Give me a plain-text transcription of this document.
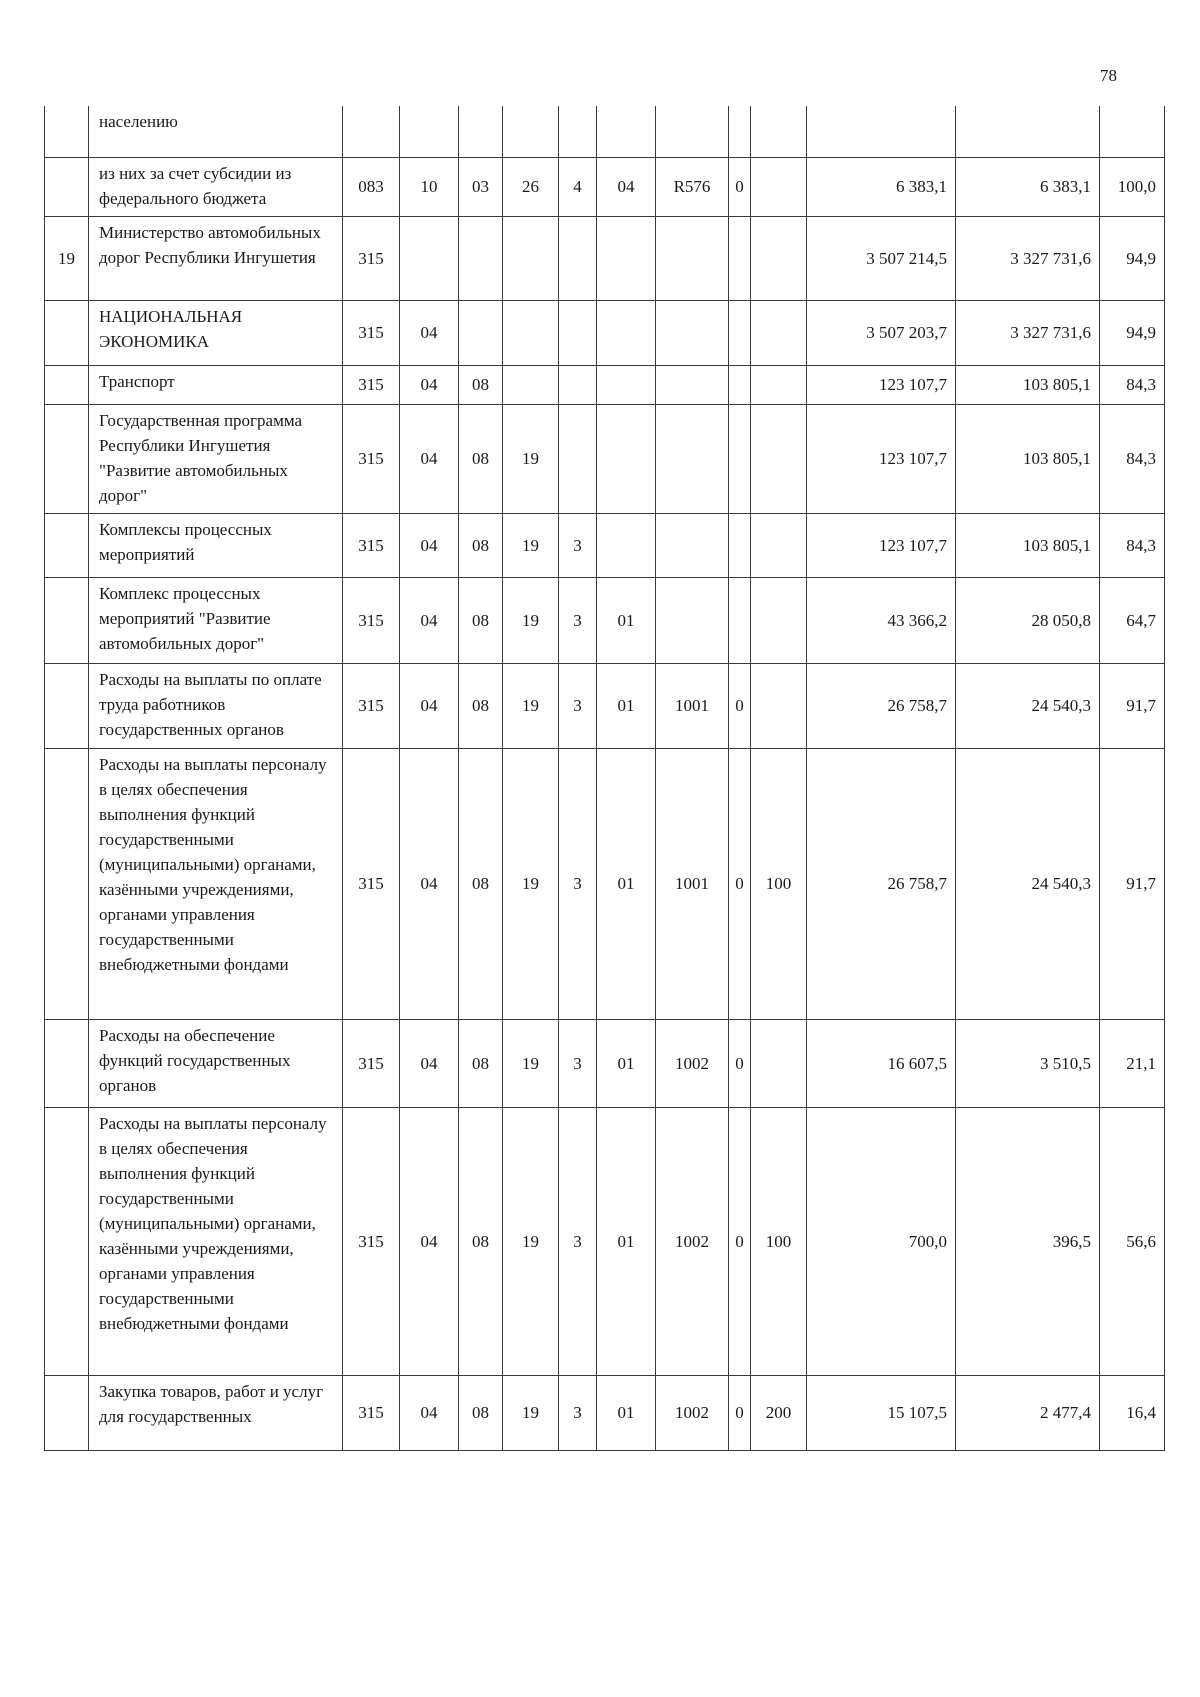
78
	населению												
	из них за счет субсидии из федерального бюджета	083	10	03	26	4	04	R576	0		6 383,1	6 383,1	100,0
19	Министерство автомобильных дорог Республики Ингушетия	315									3 507 214,5	3 327 731,6	94,9
	НАЦИОНАЛЬНАЯ ЭКОНОМИКА	315	04								3 507 203,7	3 327 731,6	94,9
	Транспорт	315	04	08							123 107,7	103 805,1	84,3
	Государственная программа Республики Ингушетия "Развитие автомобильных дорог"	315	04	08	19						123 107,7	103 805,1	84,3
	Комплексы процессных мероприятий	315	04	08	19	3					123 107,7	103 805,1	84,3
	Комплекс процессных мероприятий "Развитие автомобильных дорог"	315	04	08	19	3	01				43 366,2	28 050,8	64,7
	Расходы на выплаты по оплате труда работников государственных органов	315	04	08	19	3	01	1001	0		26 758,7	24 540,3	91,7
	Расходы на выплаты персоналу в целях обеспечения выполнения функций государственными (муниципальными) органами, казёнными учреждениями, органами управления государственными внебюджетными фондами	315	04	08	19	3	01	1001	0	100	26 758,7	24 540,3	91,7
	Расходы на обеспечение функций государственных органов	315	04	08	19	3	01	1002	0		16 607,5	3 510,5	21,1
	Расходы на выплаты персоналу в целях обеспечения выполнения функций государственными (муниципальными) органами, казёнными учреждениями, органами управления государственными внебюджетными фондами	315	04	08	19	3	01	1002	0	100	700,0	396,5	56,6
	Закупка товаров, работ и услуг для государственных	315	04	08	19	3	01	1002	0	200	15 107,5	2 477,4	16,4
